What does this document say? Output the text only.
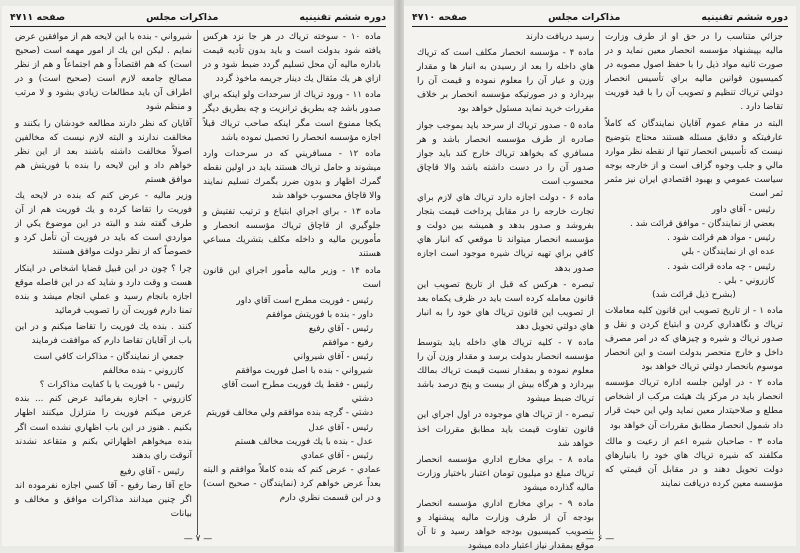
دوره ششم تقنینیه
مذاکرات مجلس
صفحه ۴۷۱۱
ماده ۱۰ - سوخته ترياك در هر جا نزد هركس يافته شود بدولت است و باید بدون تأديه قيمت باداره مالیه آن محل تسليم گردد ضبط شود و در ازاي هر يك مثقال يك دينار جريمه ماخوذ گردد
ماده ۱۱ - ورود ترياك از سرحدات ولو اينكه براي صدور باشد چه بطريق ترانزيت و چه بطريق ديگر يكجا ممنوع است مگر اينكه صاحب ترياك قبلاً اجازه مؤسسه انحصار را تحصيل نموده باشد
ماده ۱۲ - مسافريني كه در سرحدات وارد ميشوند و حامل ترياك هستند بايد در اولين نقطه گمرك اظهار و بدون ضرر بگمرك تسليم نمايند والا قاچاق محسوب خواهد شد
ماده ۱۳ - براي اجراي ابتياع و ترتيب تفتيش و جلوگيري از قاچاق ترياك مؤسسه انحصار و مأمورين ماليه و داخله مكلف بتشريك مساعي هستند
ماده ۱۴ - وزير ماليه مأمور اجراي اين قانون است
رئيس - فوريت مطرح است آقاي داور
داور - بنده با فوريتش موافقم
رئيس - آقاي رفيع
رفيع - موافقم
رئيس - آقاي شيرواني
شيرواني - بنده با اصل فوريت موافقم
رئيس - فقط يك فوريت مطرح است آقاي دشتي
دشتي - گرچه بنده موافقم ولي مخالف فوريتم
رئيس - آقاي عدل
عدل - بنده با يك فوريت مخالف هستم
رئيس - آقاي عمادي
عمادي - عرض كنم كه بنده كاملاً موافقم و البته بعداً عرض خواهم كرد (نمايندگان - صحيح است) و در اين قسمت نظري دارم
شيرواني - بنده با اين لايحه هم از موافقين عرض نمايم . ليكن اين يك از امور مهمه است (صحيح است) كه هم اقتصاداً و هم اجتماعاً و هم از نظر مصالح جامعه لازم است (صحيح است) و در اطراف آن بايد مطالعات زيادي بشود و لا مرتب و منظم شود
آقايان كه نظر دارند مطالعه خودشان را بكنند و مخالفت ندارند و البته لازم نيست كه مخالفين اصولاً مخالفت داشته باشند بعد از اين نظر خواهم داد و اين لايحه را بنده با فوريتش هم موافق هستم
وزير ماليه - عرض كنم كه بنده در لايحه يك فوريت را تقاضا كرده و يك فوريت هم از آن طرف گفته شد و البته در اين موضوع يكي از مواردي است كه بايد در فوريت آن تأمل كرد و خصوصاً كه از نظر دولت موافق هستند
چرا ؟ چون در اين قبيل قضايا اشخاص در اينكار هست و وقت دارد و شايد كه در اين فاصله موقع اجازه بانجام رسيد و عملي انجام ميشد و بنده تمنا دارم فوريت آن را تصويب فرمائيد
كنند . بنده يك فوريت را تقاضا ميكنم و در اين باب از آقايان تقاضا دارم كه موافقت فرمايند
جمعي از نمايندگان - مذاكرات كافي است
كازروني - بنده مخالفم
رئيس - با فوريت يا با كفايت مذاكرات ؟
كازروني - اجازه بفرمائيد عرض كنم ... بنده عرض ميكنم فوريت را متزلزل ميكنند اظهار بكنيم . هنوز در اين باب اظهاري نشده است اگر بنده ميخواهم اظهاراتي بكنم و متقاعد نشدند آنوقت راي بدهند
رئيس - آقاي رفيع
حاج آقا رضا رفيع - آقا كسي اجازه نفرموده اند اگر چنين ميدانند مذاكرات موافق و مخالف و بيانات
— ۷ —
دوره ششم تقنینیه
مذاكرات مجلس
صفحه ۴۷۱۰
جزائي متناسب را در حق او از طرف وزارت ماليه بپيشنهاد مؤسسه انحصار معين نمايد و در صورت ثانيه مواد ذيل را با حفظ اصول مصوبه در كميسيون قوانين ماليه براي تأسيس انحصار دولتي ترياك تنظيم و تصويب آن را با قيد فوريت تقاضا دارد .
البته در مقام عموم آقايان نمايندگان كه كاملاً عارفيتكه و دقايق مسئله هستند محتاج بتوضيح نيست كه تأسيس انحصار تنها از نقطه نظر موارد مالي و جلب وجوه گزاف است و از خارجه بوجه سياست عمومي و بهبود اقتصادي ايران نيز مثمر ثمر است
رئيس - آقاي داور
بعضي از نمايندگان - موافق قرائت شد .
رئيس - مواد هم قرائت شود .
عده اي از نمايندگان - بلي
رئيس - چه ماده قرائت شود .
كازروني - بلي .
(بشرح ذيل قرائت شد)
ماده ۱ - از تاريخ تصويب اين قانون كليه معاملات ترياك و نگاهداري كردن و ابتياع كردن و نقل و صدور ترياك و شيره و چيزهاي كه در امر مصرف داخل و خارج منحصر بدولت است و اين انحصار موسوم بانحصار دولتي ترياك خواهد بود
ماده ۲ - در اولين جلسه اداره ترياك مؤسسه انحصار بايد در مركز يك هيئت مركب از اشخاص مطلع و صلاحيتدار معين نمايد ولي اين حيث قرار داد شمول انحصار مطابق مقررات آن خواهد بود
ماده ۳ - صاحبان شيره اعم از رعيت و مالك مكلفند كه شيره ترياك هاي خود را بانبارهاي دولت تحويل دهند و در مقابل آن قيمتي كه مؤسسه معين كرده دريافت نمايند
رسيد دريافت دارند
ماده ۴ - مؤسسه انحصار مكلف است كه ترياك هاي داخله را بعد از رسيدن به انبار ها و مقدار وزن و عيار آن را معلوم نموده و قيمت آن را بپردازد و در صورتيكه مؤسسه انحصار بر خلاف مقررات خريد نمايد مسئول خواهد بود
ماده ۵ - صدور ترياك از سرحد بايد بموجب جواز صادره از طرف مؤسسه انحصار باشد و هر مسافري كه بخواهد ترياك خارج كند بايد جواز صدور آن را در دست داشته باشد والا قاچاق محسوب است
ماده ۶ - دولت اجازه دارد ترياك هاي لازم براي تجارت خارجه را در مقابل پرداخت قيمت بتجار بفروشد و صدور بدهد و هميشه بين دولت و مؤسسه انحصار ميتواند تا موقعي كه انبار هاي كافي براي تهيه ترياك شيره موجود است اجازه صدور بدهد
تبصره - هركس كه قبل از تاريخ تصويب اين قانون معامله كرده است بايد در ظرف يكماه بعد از تصويب اين قانون ترياك هاي خود را به انبار هاي دولتي تحويل دهد
ماده ۷ - كليه ترياك هاي داخله بايد بتوسط مؤسسه انحصار بدولت برسد و مقدار وزن آن را معلوم نموده و بمقدار نسبت قيمت ترياك بمالك بپردازد و هرگاه بيش از بيست و پنج درصد باشد ترياك ضبط ميشود
تبصره - از ترياك هاي موجوده در اول اجراي اين قانون تفاوت قيمت بايد مطابق مقررات اخذ خواهد شد
ماده ۸ - براي مخارج اداري مؤسسه انحصار ترياك مبلغ دو ميليون تومان اعتبار باختيار وزارت ماليه گذارده ميشود
ماده ۹ - براي مخارج اداري مؤسسه انحصار بودجه آن از طرف وزارت ماليه پيشنهاد و بتصويب كميسيون بودجه خواهد رسيد و تا آن موقع بمقدار نياز اعتبار داده ميشود
— ۶ —
